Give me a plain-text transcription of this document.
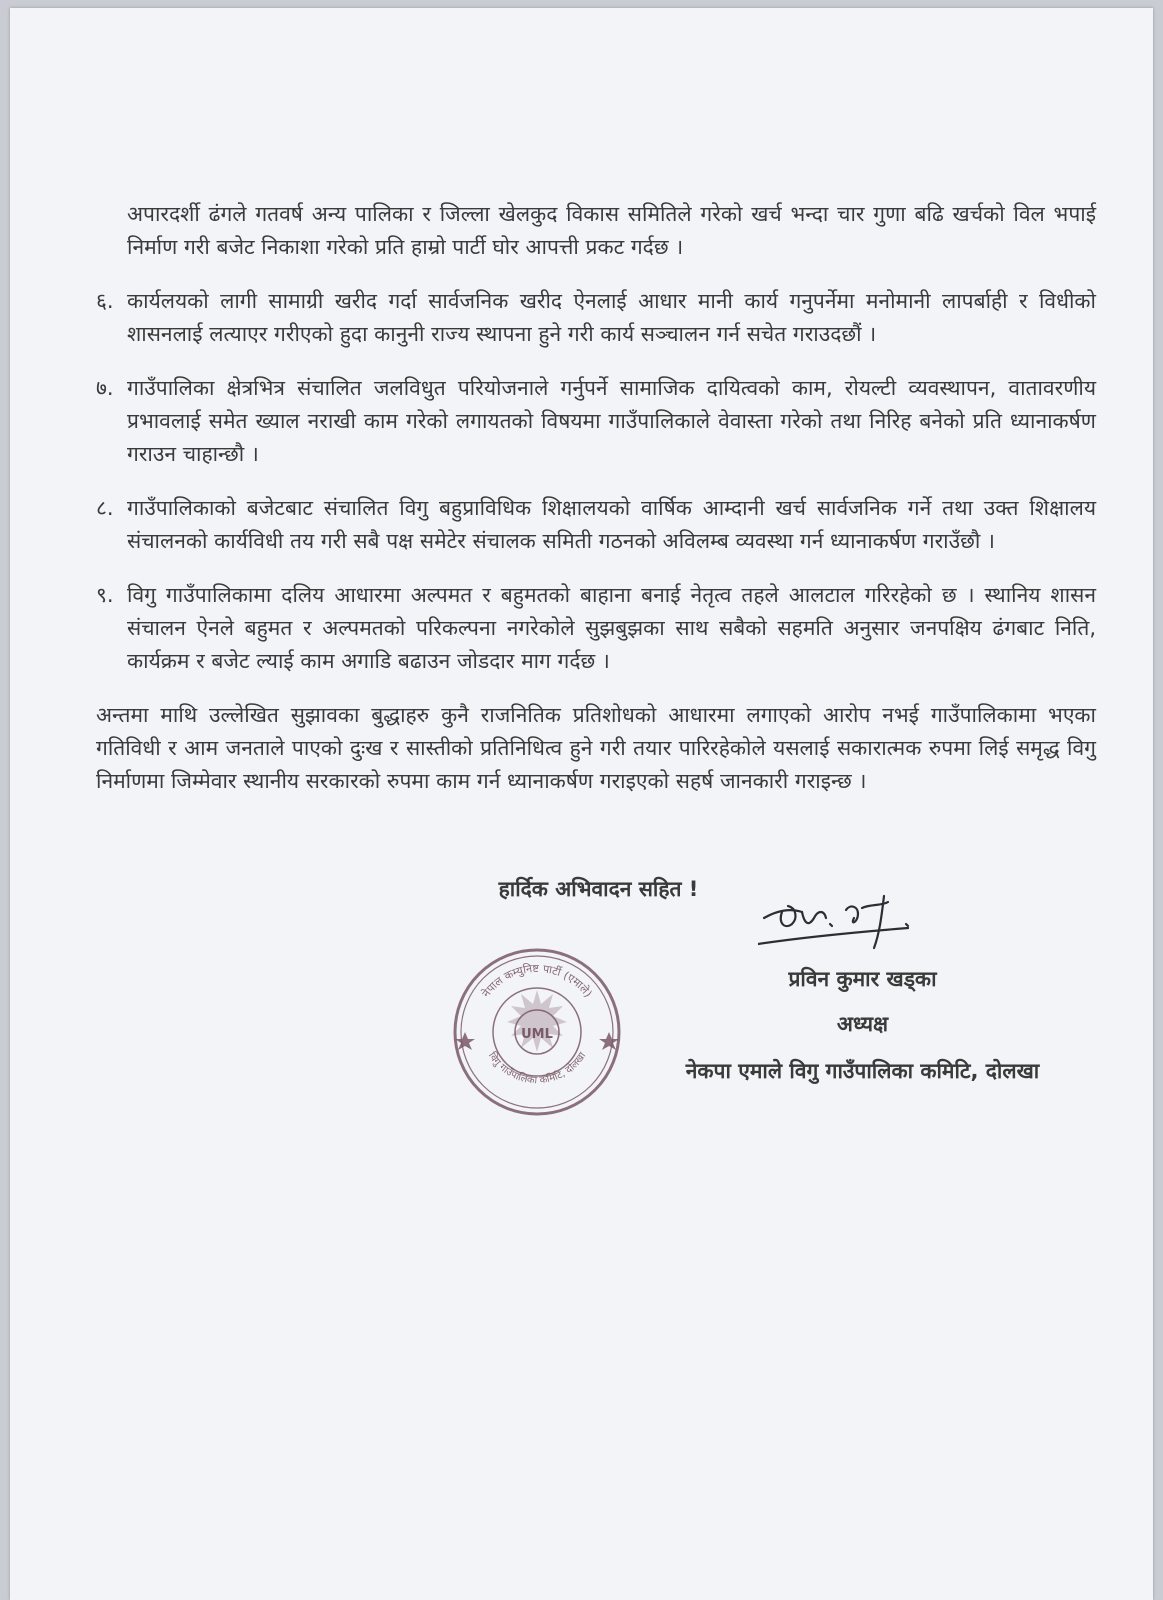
अपारदर्शी ढंगले गतवर्ष अन्य पालिका र जिल्ला खेलकुद विकास समितिले गरेको खर्च भन्दा चार गुणा बढि खर्चको विल भपाई निर्माण गरी बजेट निकाशा गरेको प्रति हाम्रो पार्टी घोर आपत्ती प्रकट गर्दछ ।

६. कार्यलयको लागी सामाग्री खरीद गर्दा सार्वजनिक खरीद ऐनलाई आधार मानी कार्य गनुपर्नेमा मनोमानी लापर्बाही र विधीको शासनलाई लत्याएर गरीएको हुदा कानुनी राज्य स्थापना हुने गरी कार्य सञ्चालन गर्न सचेत गराउदछौं ।
७. गाउँपालिका क्षेत्रभित्र संचालित जलविधुत परियोजनाले गर्नुपर्ने सामाजिक दायित्वको काम, रोयल्टी व्यवस्थापन, वातावरणीय प्रभावलाई समेत ख्याल नराखी काम गरेको लगायतको विषयमा गाउँपालिकाले वेवास्ता गरेको तथा निरिह बनेको प्रति ध्यानाकर्षण गराउन चाहान्छौ ।
८. गाउँपालिकाको बजेटबाट संचालित विगु बहुप्राविधिक शिक्षालयको वार्षिक आम्दानी खर्च सार्वजनिक गर्ने तथा उक्त शिक्षालय संचालनको कार्यविधी तय गरी सबै पक्ष समेटेर संचालक समिती गठनको अविलम्ब व्यवस्था गर्न ध्यानाकर्षण गराउँछौ ।
९. विगु गाउँपालिकामा दलिय आधारमा अल्पमत र बहुमतको बाहाना बनाई नेतृत्व तहले आलटाल गरिरहेको छ । स्थानिय शासन संचालन ऐनले बहुमत र अल्पमतको परिकल्पना नगरेकोले सुझबुझका साथ सबैको सहमति अनुसार जनपक्षिय ढंगबाट निति, कार्यक्रम र बजेट ल्याई काम अगाडि बढाउन जोडदार माग गर्दछ ।

अन्तमा माथि उल्लेखित सुझावका बुद्धाहरु कुनै राजनितिक प्रतिशोधको आधारमा लगाएको आरोप नभई गाउँपालिकामा भएका गतिविधी र आम जनताले पाएको दुःख र सास्तीको प्रतिनिधित्व हुने गरी तयार पारिरहेकोले यसलाई सकारात्मक रुपमा लिई समृद्ध विगु निर्माणमा जिम्मेवार स्थानीय सरकारको रुपमा काम गर्न ध्यानाकर्षण गराइएको सहर्ष जानकारी गराइन्छ ।

हार्दिक अभिवादन सहित !
प्रविन कुमार खड्का
अध्यक्ष
नेकपा एमाले विगु गाउँपालिका कमिटि, दोलखा
नेपाल कम्युनिष्ट पार्टी (एमाले)
विगु गाउँपालिका कमिटि, दोलखा
UML
